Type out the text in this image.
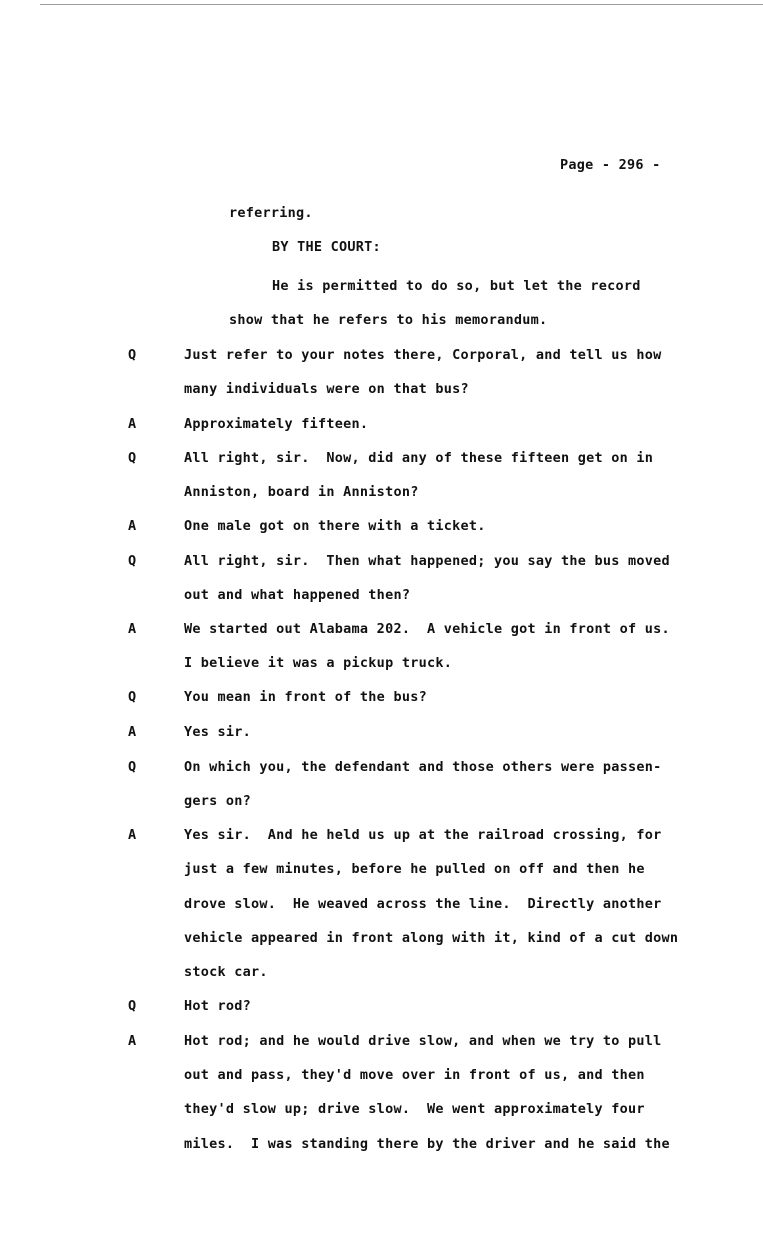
Page - 296 -
referring.
BY THE COURT:
He is permitted to do so, but let the record
show that he refers to his memorandum.
Q	Just refer to your notes there, Corporal, and tell us how
many individuals were on that bus?
A	Approximately fifteen.
Q	All right, sir.  Now, did any of these fifteen get on in
Anniston, board in Anniston?
A	One male got on there with a ticket.
Q	All right, sir.  Then what happened; you say the bus moved
out and what happened then?
A	We started out Alabama 202.  A vehicle got in front of us.
I believe it was a pickup truck.
Q	You mean in front of the bus?
A	Yes sir.
Q	On which you, the defendant and those others were passen-
gers on?
A	Yes sir.  And he held us up at the railroad crossing, for
just a few minutes, before he pulled on off and then he
drove slow.  He weaved across the line.  Directly another
vehicle appeared in front along with it, kind of a cut down
stock car.
Q	Hot rod?
A	Hot rod; and he would drive slow, and when we try to pull
out and pass, they'd move over in front of us, and then
they'd slow up; drive slow.  We went approximately four
miles.  I was standing there by the driver and he said the
